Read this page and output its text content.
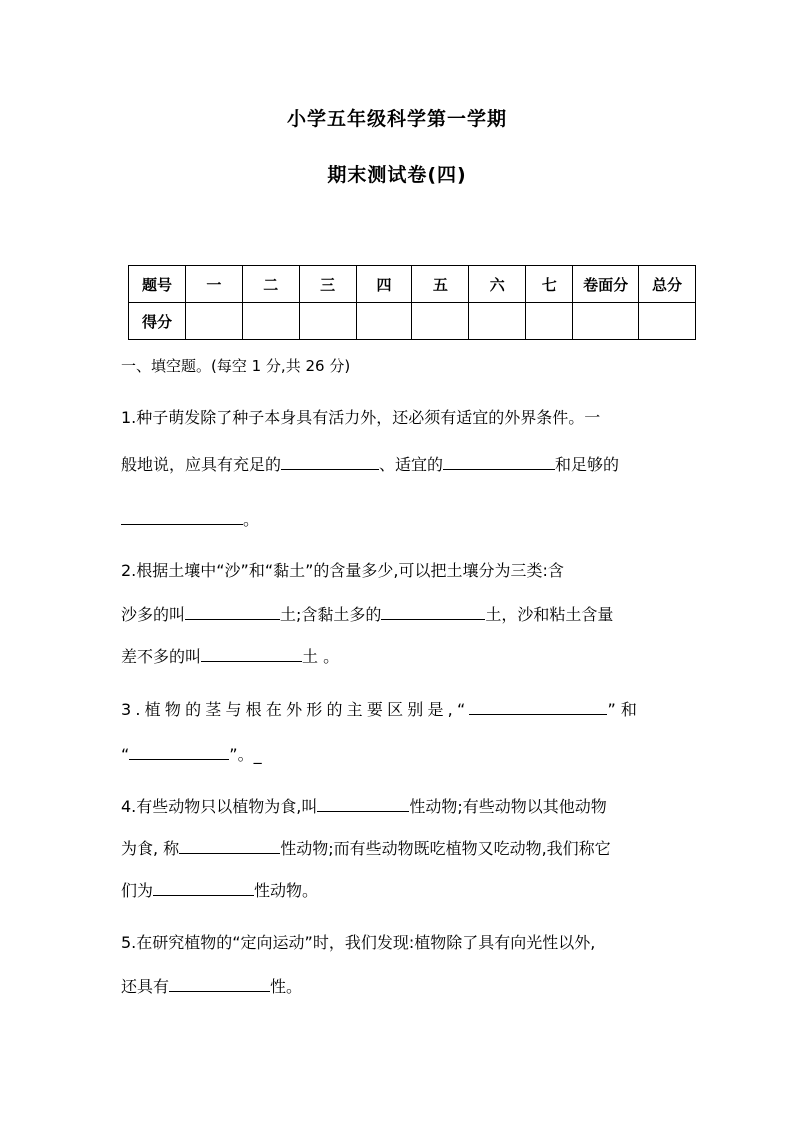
小学五年级科学第一学期
期末测试卷(四)
题号	一	二	三	四	五	六	七	卷面分	总分
得分									
一、填空题。(每空 1 分,共 26 分)
1.种子萌发除了种子本身具有活力外，还必须有适宜的外界条件。一
般地说，应具有充足的	、适宜的	和足够的
。
2.根据土壤中“沙”和“黏土”的含量多少,可以把土壤分为三类:含
沙多的叫	土;含黏土多的	土，沙和粘土含量
差不多的叫	土 。
3.植物的茎与根在外形的主要区别是,“	” 和
“	”。_
4.有些动物只以植物为食,叫	性动物;有些动物以其他动物
为食, 称	性动物;而有些动物既吃植物又吃动物,我们称它
们为	性动物。
5.在研究植物的“定向运动”时，我们发现:植物除了具有向光性以外,
还具有	性。
